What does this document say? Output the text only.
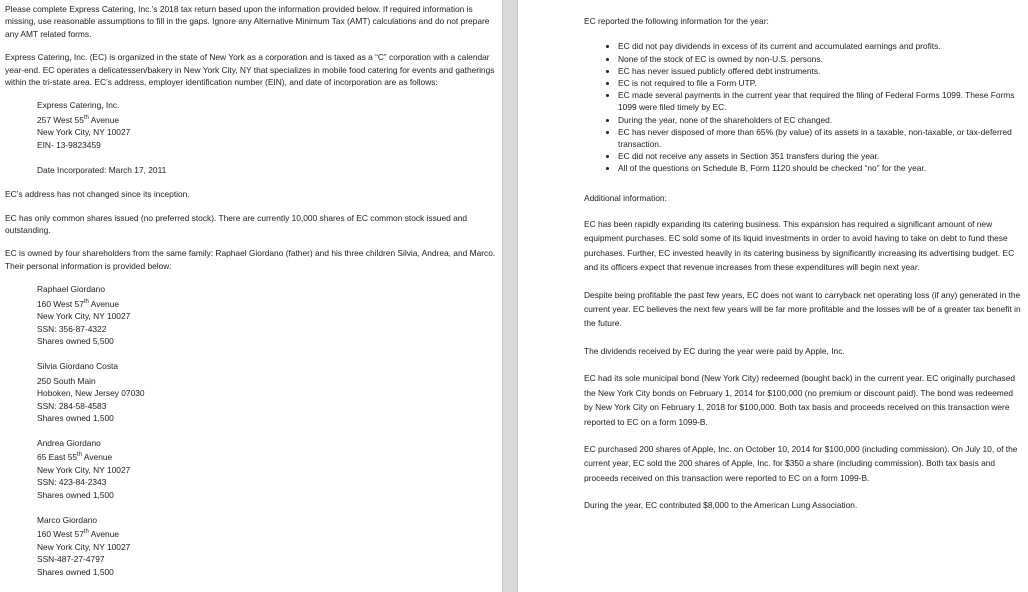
Please complete Express Catering, Inc.’s 2018 tax return based upon the information provided below. If required information is missing, use reasonable assumptions to fill in the gaps. Ignore any Alternative Minimum Tax (AMT) calculations and do not prepare any AMT related forms.

Express Catering, Inc. (EC) is organized in the state of New York as a corporation and is taxed as a “C” corporation with a calendar year-end. EC operates a delicatessen/bakery in New York City, NY that specializes in mobile food catering for events and gatherings within the tri-state area. EC’s address, employer identification number (EIN), and date of incorporation are as follows:

Express Catering, Inc.
257 West 55th Avenue
New York City, NY 10027
EIN- 13-9823459
Date Incorporated: March 17, 2011

EC’s address has not changed since its inception.

EC has only common shares issued (no preferred stock). There are currently 10,000 shares of EC common stock issued and outstanding.

EC is owned by four shareholders from the same family: Raphael Giordano (father) and his three children Silvia, Andrea, and Marco. Their personal information is provided below:

Raphael Giordano
160 West 57th Avenue
New York City, NY 10027
SSN: 356-87-4322
Shares owned 5,500
Silvia Giordano Costa
250 South Main
Hoboken, New Jersey 07030
SSN: 284-58-4583
Shares owned 1,500
Andrea Giordano
65 East 55th Avenue
New York City, NY 10027
SSN: 423-84-2343
Shares owned 1,500
Marco Giordano
160 West 57th Avenue
New York City, NY 10027
SSN-487-27-4797
Shares owned 1,500

EC reported the following information for the year:

• EC did not pay dividends in excess of its current and accumulated earnings and profits.
• None of the stock of EC is owned by non-U.S. persons.
• EC has never issued publicly offered debt instruments.
• EC is not required to file a Form UTP.
• EC made several payments in the current year that required the filing of Federal Forms 1099. These Forms 1099 were filed timely by EC.
• During the year, none of the shareholders of EC changed.
• EC has never disposed of more than 65% (by value) of its assets in a taxable, non-taxable, or tax-deferred transaction.
• EC did not receive any assets in Section 351 transfers during the year.
• All of the questions on Schedule B, Form 1120 should be checked “no” for the year.

Additional information:

EC has been rapidly expanding its catering business. This expansion has required a significant amount of new equipment purchases. EC sold some of its liquid investments in order to avoid having to take on debt to fund these purchases. Further, EC invested heavily in its catering business by significantly increasing its advertising budget. EC and its officers expect that revenue increases from these expenditures will begin next year.

Despite being profitable the past few years, EC does not want to carryback net operating loss (if any) generated in the current year. EC believes the next few years will be far more profitable and the losses will be of a greater tax benefit in the future.

The dividends received by EC during the year were paid by Apple, Inc.

EC had its sole municipal bond (New York City) redeemed (bought back) in the current year. EC originally purchased the New York City bonds on February 1, 2014 for $100,000 (no premium or discount paid). The bond was redeemed by New York City on February 1, 2018 for $100,000. Both tax basis and proceeds received on this transaction were reported to EC on a form 1099-B.

EC purchased 200 shares of Apple, Inc. on October 10, 2014 for $100,000 (including commission). On July 10, of the current year, EC sold the 200 shares of Apple, Inc. for $350 a share (including commission). Both tax basis and proceeds received on this transaction were reported to EC on a form 1099-B.

During the year, EC contributed $8,000 to the American Lung Association.
